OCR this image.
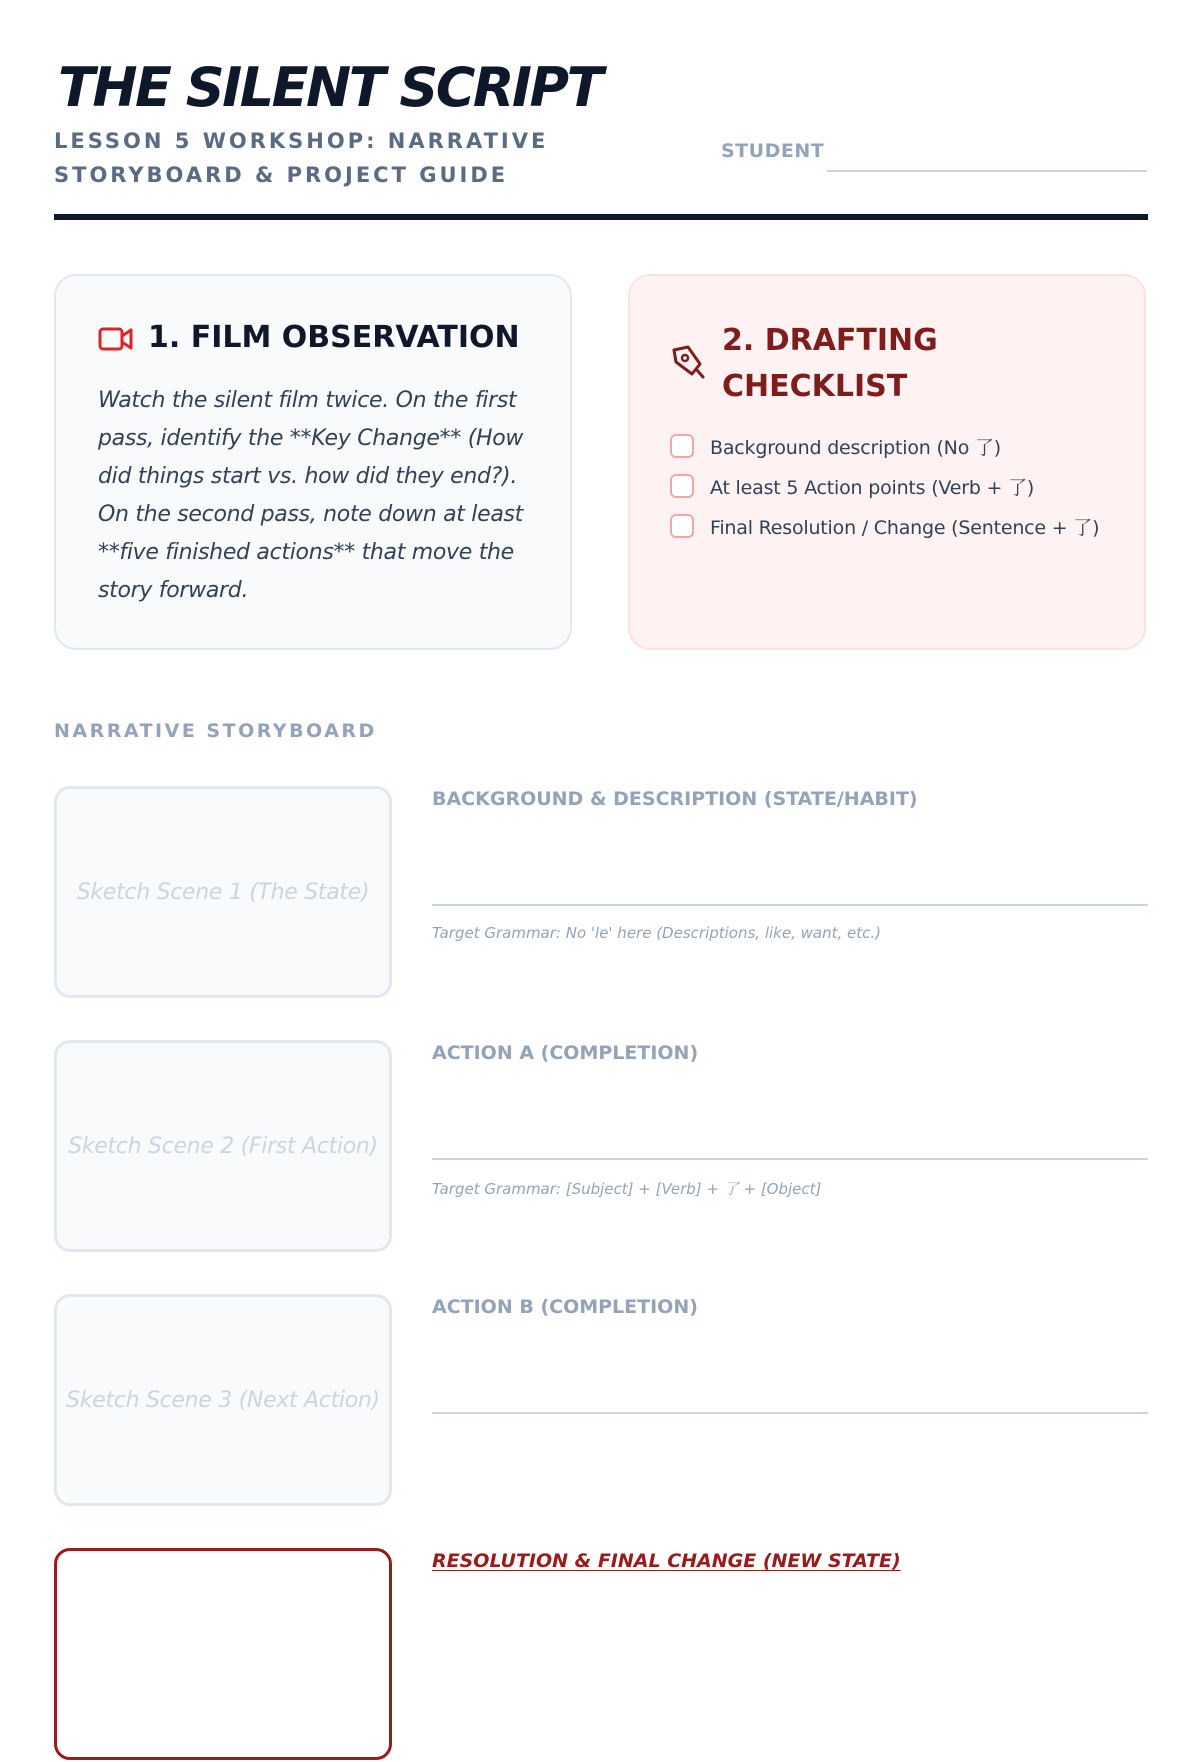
THE SILENT SCRIPT
LESSON 5 WORKSHOP: NARRATIVE STORYBOARD & PROJECT GUIDE
STUDENT
1. FILM OBSERVATION

Watch the silent film twice. On the first pass, identify the **Key Change** (How did things start vs. how did they end?). On the second pass, note down at least **five finished actions** that move the story forward.

2. DRAFTING CHECKLIST
Background description (No 了)
At least 5 Action points (Verb + 了)
Final Resolution / Change (Sentence + 了)
NARRATIVE STORYBOARD
Sketch Scene 1 (The State)
BACKGROUND & DESCRIPTION (STATE/HABIT)
Target Grammar: No 'le' here (Descriptions, like, want, etc.)
Sketch Scene 2 (First Action)
ACTION A (COMPLETION)
Target Grammar: [Subject] + [Verb] + 了 + [Object]
Sketch Scene 3 (Next Action)
ACTION B (COMPLETION)
RESOLUTION & FINAL CHANGE (NEW STATE)
